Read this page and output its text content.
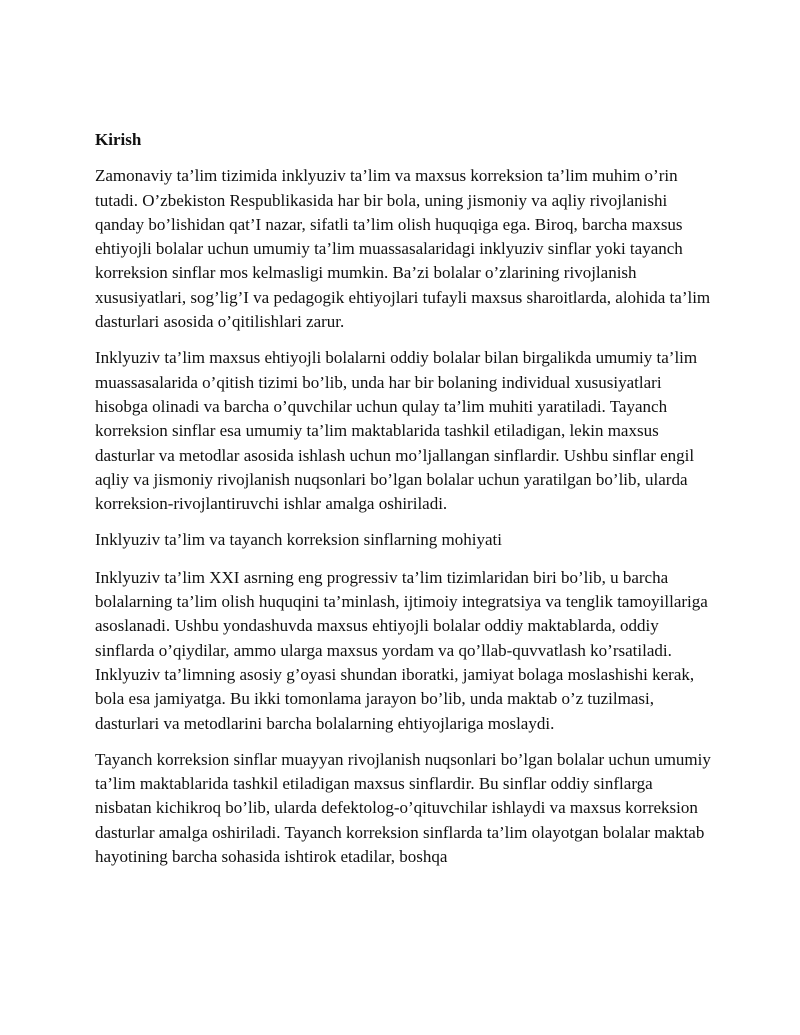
Kirish

Zamonaviy ta’lim tizimida inklyuziv ta’lim va maxsus korreksion ta’lim muhim o’rin tutadi. O’zbekiston Respublikasida har bir bola, uning jismoniy va aqliy rivojlanishi qanday bo’lishidan qat’I nazar, sifatli ta’lim olish huquqiga ega. Biroq, barcha maxsus ehtiyojli bolalar uchun umumiy ta’lim muassasalaridagi inklyuziv sinflar yoki tayanch korreksion sinflar mos kelmasligi mumkin. Ba’zi bolalar o’zlarining rivojlanish xususiyatlari, sog’lig’I va pedagogik ehtiyojlari tufayli maxsus sharoitlarda, alohida ta’lim dasturlari asosida o’qitilishlari zarur.

Inklyuziv ta’lim maxsus ehtiyojli bolalarni oddiy bolalar bilan birgalikda umumiy ta’lim muassasalarida o’qitish tizimi bo’lib, unda har bir bolaning individual xususiyatlari hisobga olinadi va barcha o’quvchilar uchun qulay ta’lim muhiti yaratiladi. Tayanch korreksion sinflar esa umumiy ta’lim maktablarida tashkil etiladigan, lekin maxsus dasturlar va metodlar asosida ishlash uchun mo’ljallangan sinflardir. Ushbu sinflar engil aqliy va jismoniy rivojlanish nuqsonlari bo’lgan bolalar uchun yaratilgan bo’lib, ularda korreksion-rivojlantiruvchi ishlar amalga oshiriladi.

Inklyuziv ta’lim va tayanch korreksion sinflarning mohiyati

Inklyuziv ta’lim XXI asrning eng progressiv ta’lim tizimlaridan biri bo’lib, u barcha bolalarning ta’lim olish huquqini ta’minlash, ijtimoiy integratsiya va tenglik tamoyillariga asoslanadi. Ushbu yondashuvda maxsus ehtiyojli bolalar oddiy maktablarda, oddiy sinflarda o’qiydilar, ammo ularga maxsus yordam va qo’llab-quvvatlash ko’rsatiladi. Inklyuziv ta’limning asosiy g’oyasi shundan iboratki, jamiyat bolaga moslashishi kerak, bola esa jamiyatga. Bu ikki tomonlama jarayon bo’lib, unda maktab o’z tuzilmasi, dasturlari va metodlarini barcha bolalarning ehtiyojlariga moslaydi.

Tayanch korreksion sinflar muayyan rivojlanish nuqsonlari bo’lgan bolalar uchun umumiy ta’lim maktablarida tashkil etiladigan maxsus sinflardir. Bu sinflar oddiy sinflarga nisbatan kichikroq bo’lib, ularda defektolog-o’qituvchilar ishlaydi va maxsus korreksion dasturlar amalga oshiriladi. Tayanch korreksion sinflarda ta’lim olayotgan bolalar maktab hayotining barcha sohasida ishtirok etadilar, boshqa
